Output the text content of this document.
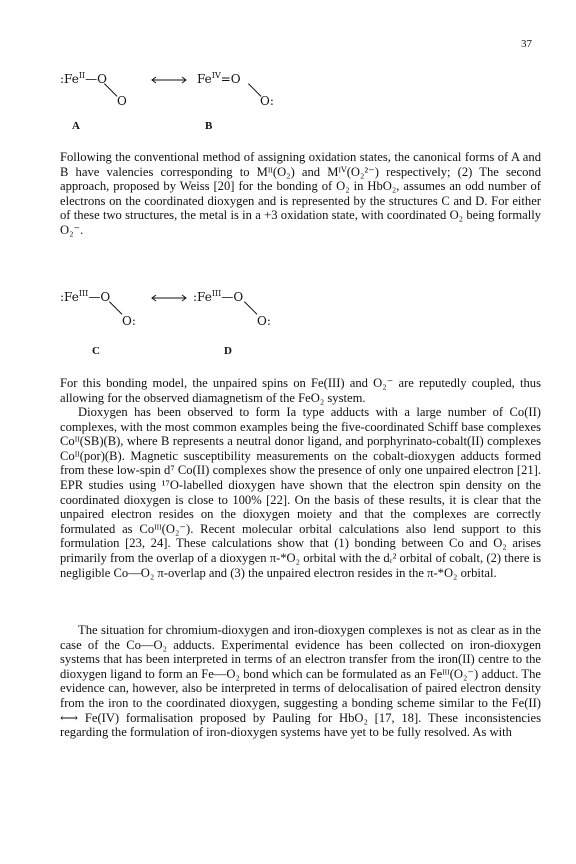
37
$:Fe^{II}—O$
O
A
$Fe^{IV}=O$
O:
B
Following the conventional method of assigning oxidation states, the canonical forms of A and B have valencies corresponding to Mᴵᴵ(O₂) and Mᴵⱽ(O₂²⁻) respectively; (2) The second approach, proposed by Weiss [20] for the bonding of O₂ in HbO₂, assumes an odd number of electrons on the coordinated dioxygen and is represented by the structures C and D. For either of these two structures, the metal is in a +3 oxidation state, with coordinated O₂ being formally O₂⁻.
$:Fe^{III}—O$
O:
C
$:Fe^{III}—O$
O:
D
For this bonding model, the unpaired spins on Fe(III) and O₂⁻ are reputedly coupled, thus allowing for the observed diamagnetism of the FeO₂ system.
Dioxygen has been observed to form Ia type adducts with a large number of Co(II) complexes, with the most common examples being the five-coordinated Schiff base complexes Coᴵᴵ(SB)(B), where B represents a neutral donor ligand, and porphyrinato-cobalt(II) complexes Coᴵᴵ(por)(B). Magnetic susceptibility measurements on the cobalt-dioxygen adducts formed from these low-spin d⁷ Co(II) complexes show the presence of only one unpaired electron [21]. EPR studies using ¹⁷O-labelled dioxygen have shown that the electron spin density on the coordinated dioxygen is close to 100% [22]. On the basis of these results, it is clear that the unpaired electron resides on the dioxygen moiety and that the complexes are correctly formulated as Coᴵᴵᴵ(O₂⁻). Recent molecular orbital calculations also lend support to this formulation [23, 24]. These calculations show that (1) bonding between Co and O₂ arises primarily from the overlap of a dioxygen π-*O₂ orbital with the dᵣ² orbital of cobalt, (2) there is negligible Co—O₂ π-overlap and (3) the unpaired electron resides in the π-*O₂ orbital.
The situation for chromium-dioxygen and iron-dioxygen complexes is not as clear as in the case of the Co—O₂ adducts. Experimental evidence has been collected on iron-dioxygen systems that has been interpreted in terms of an electron transfer from the iron(II) centre to the dioxygen ligand to form an Fe—O₂ bond which can be formulated as an Feᴵᴵᴵ(O₂⁻) adduct. The evidence can, however, also be interpreted in terms of delocalisation of paired electron density from the iron to the coordinated dioxygen, suggesting a bonding scheme similar to the Fe(II) ⟷ Fe(IV) formalisation proposed by Pauling for HbO₂ [17, 18]. These inconsistencies regarding the formulation of iron-dioxygen systems have yet to be fully resolved. As with
